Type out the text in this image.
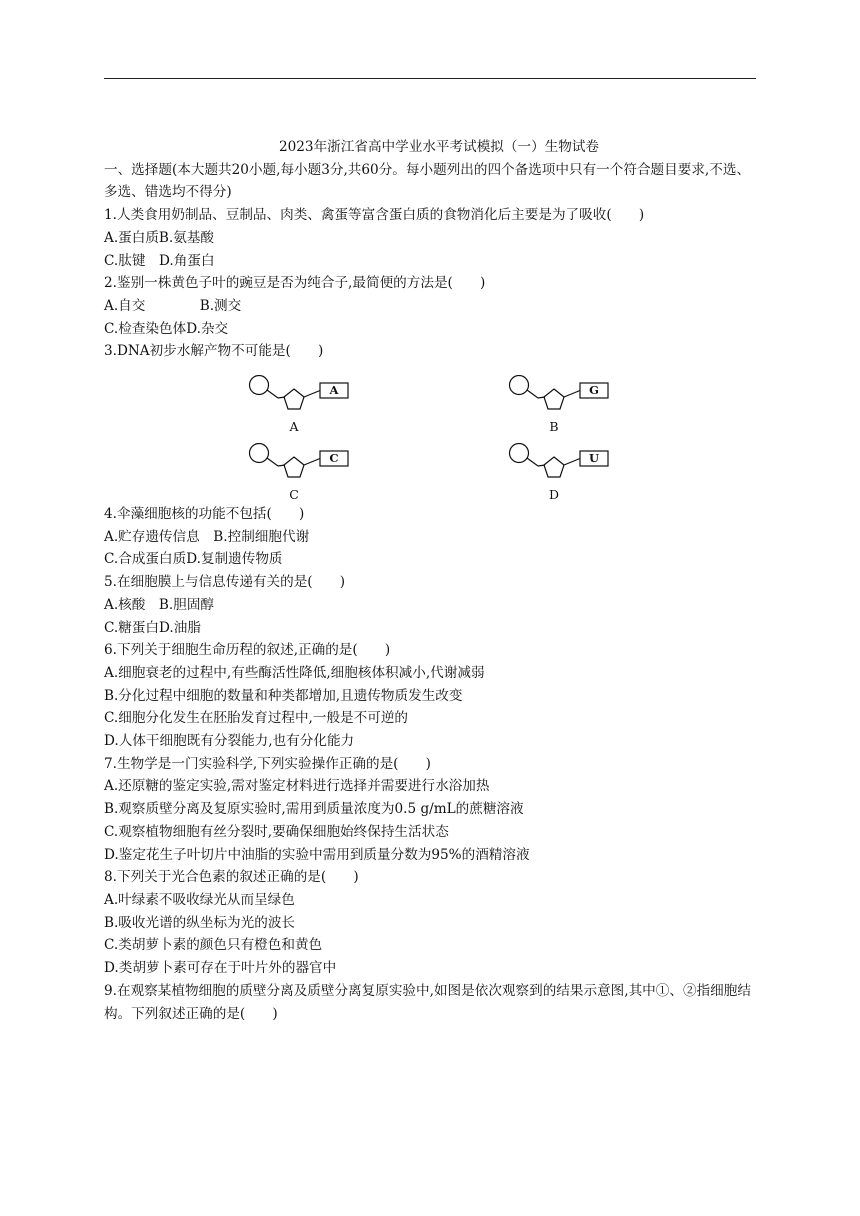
2023年浙江省高中学业水平考试模拟（一）生物试卷

一、选择题(本大题共20小题,每小题3分,共60分。每小题列出的四个备选项中只有一个符合题目要求,不选、多选、错选均不得分)

1.人类食用奶制品、豆制品、肉类、禽蛋等富含蛋白质的食物消化后主要是为了吸收(　　)

A.蛋白质B.氨基酸

C.肽键　D.角蛋白

2.鉴别一株黄色子叶的豌豆是否为纯合子,最简便的方法是(　　)

A.自交　　　　B.测交

C.检查染色体D.杂交

3.DNA初步水解产物不可能是(　　)

A
A
G
B
C
C
U
D

4.伞藻细胞核的功能不包括(　　)

A.贮存遗传信息　B.控制细胞代谢

C.合成蛋白质D.复制遗传物质

5.在细胞膜上与信息传递有关的是(　　)

A.核酸　B.胆固醇

C.糖蛋白D.油脂

6.下列关于细胞生命历程的叙述,正确的是(　　)

A.细胞衰老的过程中,有些酶活性降低,细胞核体积减小,代谢减弱

B.分化过程中细胞的数量和种类都增加,且遗传物质发生改变

C.细胞分化发生在胚胎发育过程中,一般是不可逆的

D.人体干细胞既有分裂能力,也有分化能力

7.生物学是一门实验科学,下列实验操作正确的是(　　)

A.还原糖的鉴定实验,需对鉴定材料进行选择并需要进行水浴加热

B.观察质壁分离及复原实验时,需用到质量浓度为0.5 g/mL的蔗糖溶液

C.观察植物细胞有丝分裂时,要确保细胞始终保持生活状态

D.鉴定花生子叶切片中油脂的实验中需用到质量分数为95%的酒精溶液

8.下列关于光合色素的叙述正确的是(　　)

A.叶绿素不吸收绿光从而呈绿色

B.吸收光谱的纵坐标为光的波长

C.类胡萝卜素的颜色只有橙色和黄色

D.类胡萝卜素可存在于叶片外的器官中

9.在观察某植物细胞的质壁分离及质壁分离复原实验中,如图是依次观察到的结果示意图,其中①、②指细胞结构。下列叙述正确的是(　　)
